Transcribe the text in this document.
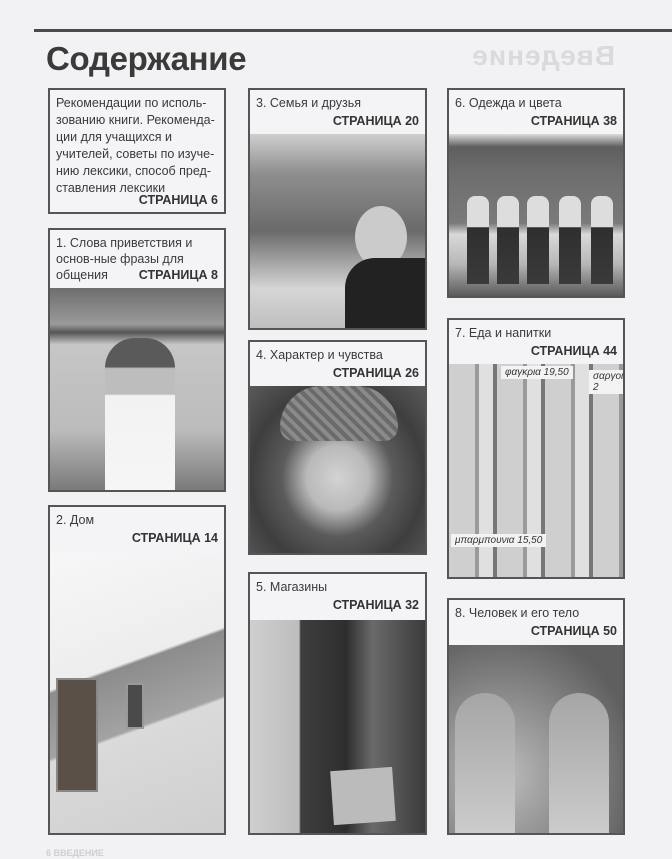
Введение
Содержание
Рекомендации по исполь-зованию книги. Рекоменда-ции для учащихся и учителей, советы по изуче-нию лексики, способ пред-ставления лексики
СТРАНИЦА 6
1. Слова приветствия и основ-ные фразы для общения	СТРАНИЦА 8
2. Дом
СТРАНИЦА 14
3. Семья и друзья
СТРАНИЦА 20
4. Характер и чувства
СТРАНИЦА 26
5. Магазины
СТРАНИЦА 32
6. Одежда и цвета
СТРАНИЦА 38
7. Еда и напитки
СТРАНИЦА 44
φαγκρια 19,50	σαργοι 2
μπαρμπουνια 15,50
8. Человек и его тело
СТРАНИЦА 50
6 ВВЕДЕНИЕ
